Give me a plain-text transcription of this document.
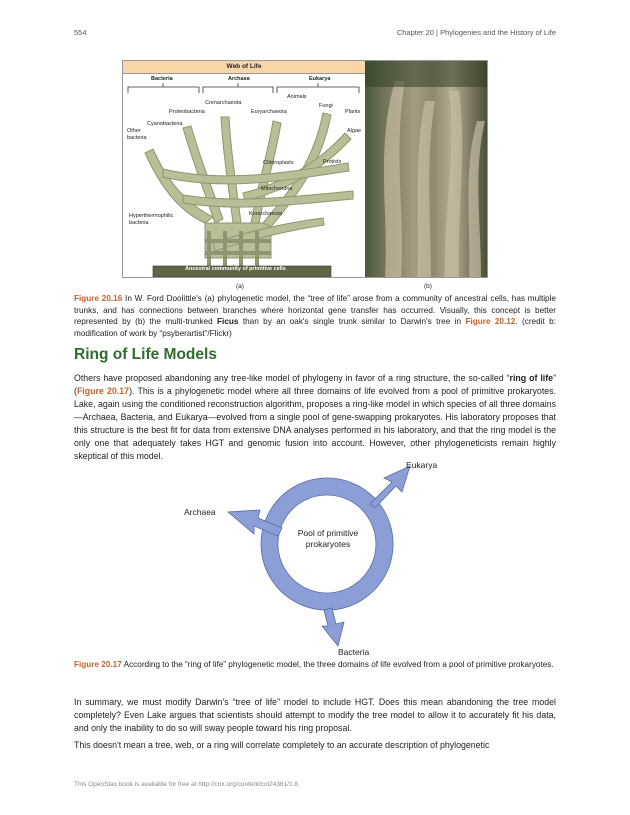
554	Chapter 20 | Phylogenies and the History of Life
Web of Life
Bacteria	Archaea	Eukarya
Crenarchaeota
Proteobacteria	Euryarchaeota
Animals
Fungi
Plants
Cyanobacteria
Other bacteria
Algae
Chloroplasts	Protists
Mitochondria
Korarchaeota
Hyperthermophilic bacteria
Ancestral community of primitive cells
(a)	(b)

Figure 20.16 In W. Ford Doolittle's (a) phylogenetic model, the “tree of life” arose from a community of ancestral cells, has multiple trunks, and has connections between branches where horizontal gene transfer has occurred. Visually, this concept is better represented by (b) the multi-trunked Ficus than by an oak's single trunk similar to Darwin's tree in Figure 20.12. (credit b: modification of work by “psyberartist”/Flickr)

Ring of Life Models

Others have proposed abandoning any tree-like model of phylogeny in favor of a ring structure, the so-called “ring of life” (Figure 20.17). This is a phylogenetic model where all three domains of life evolved from a pool of primitive prokaryotes. Lake, again using the conditioned reconstruction algorithm, proposes a ring-like model in which species of all three domains—Archaea, Bacteria, and Eukarya—evolved from a single pool of gene-swapping prokaryotes. His laboratory proposes that this structure is the best fit for data from extensive DNA analyses performed in his laboratory, and that the ring model is the only one that adequately takes HGT and genomic fusion into account. However, other phylogeneticists remain highly skeptical of this model.

Pool of primitive
prokaryotes
Eukarya
Archaea
Bacteria

Figure 20.17 According to the “ring of life” phylogenetic model, the three domains of life evolved from a pool of primitive prokaryotes.

In summary, we must modify Darwin's “tree of life” model to include HGT. Does this mean abandoning the tree model completely? Even Lake argues that scientists should attempt to modify the tree model to allow it to accurately fit his data, and only the inability to do so will sway people toward his ring proposal.

This doesn't mean a tree, web, or a ring will correlate completely to an accurate description of phylogenetic

This OpenStax book is available for free at http://cnx.org/content/col24361/1.8
